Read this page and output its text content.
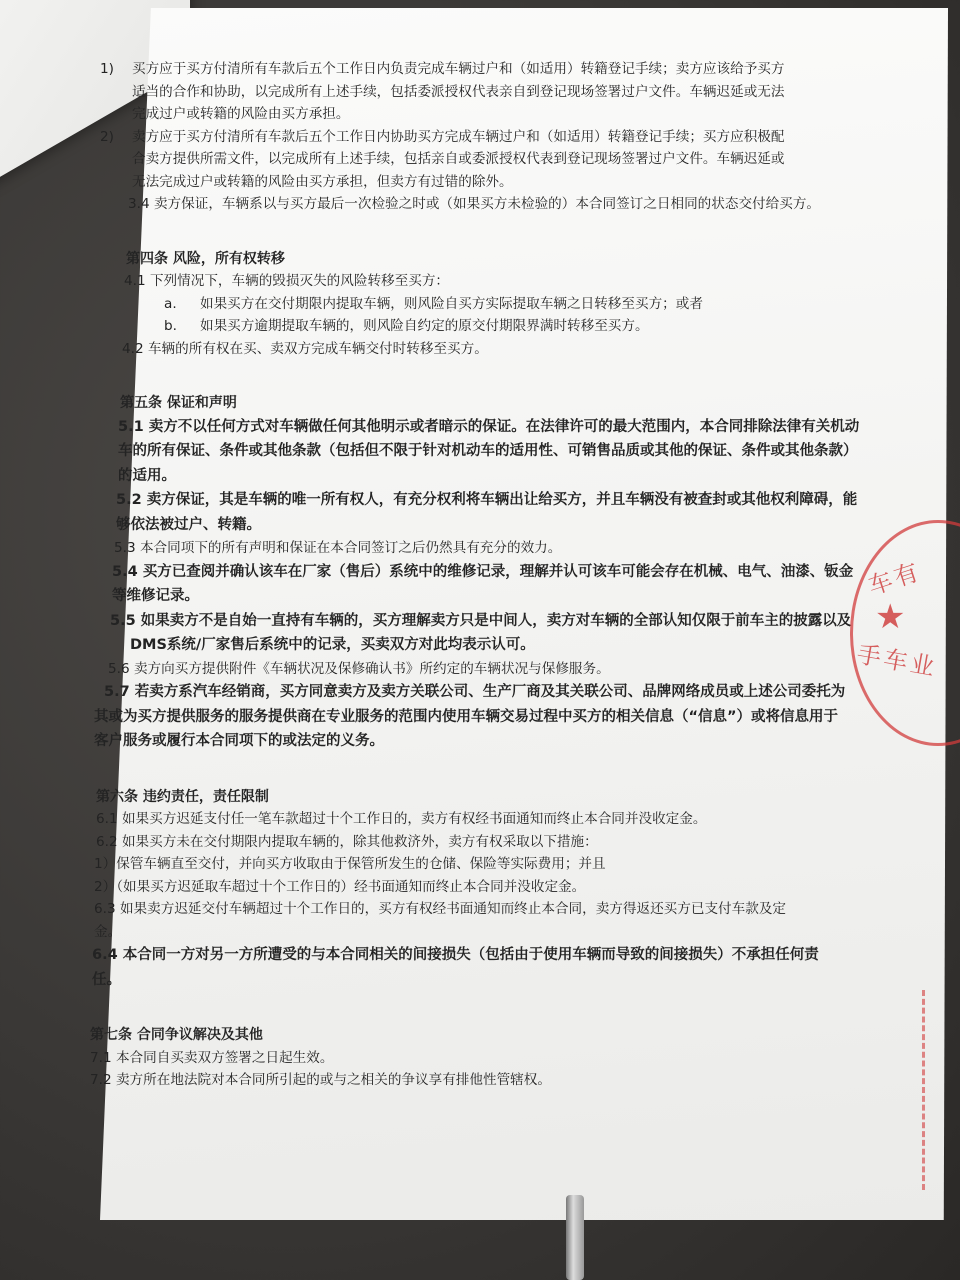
1) 买方应于买方付清所有车款后五个工作日内负责完成车辆过户和（如适用）转籍登记手续；卖方应该给予买方
适当的合作和协助，以完成所有上述手续，包括委派授权代表亲自到登记现场签署过户文件。车辆迟延或无法
完成过户或转籍的风险由买方承担。
2) 卖方应于买方付清所有车款后五个工作日内协助买方完成车辆过户和（如适用）转籍登记手续；买方应积极配
合卖方提供所需文件，以完成所有上述手续，包括亲自或委派授权代表到登记现场签署过户文件。车辆迟延或
无法完成过户或转籍的风险由买方承担，但卖方有过错的除外。
3.4 卖方保证，车辆系以与买方最后一次检验之时或（如果买方未检验的）本合同签订之日相同的状态交付给买方。
第四条 风险，所有权转移
4.1 下列情况下，车辆的毁损灭失的风险转移至买方：
a. 如果买方在交付期限内提取车辆，则风险自买方实际提取车辆之日转移至买方；或者
b. 如果买方逾期提取车辆的，则风险自约定的原交付期限界满时转移至买方。
4.2 车辆的所有权在买、卖双方完成车辆交付时转移至买方。
第五条 保证和声明
5.1 卖方不以任何方式对车辆做任何其他明示或者暗示的保证。在法律许可的最大范围内，本合同排除法律有关机动
车的所有保证、条件或其他条款（包括但不限于针对机动车的适用性、可销售品质或其他的保证、条件或其他条款）
的适用。
5.2 卖方保证，其是车辆的唯一所有权人，有充分权利将车辆出让给买方，并且车辆没有被查封或其他权利障碍，能
够依法被过户、转籍。
5.3 本合同项下的所有声明和保证在本合同签订之后仍然具有充分的效力。
5.4 买方已查阅并确认该车在厂家（售后）系统中的维修记录，理解并认可该车可能会存在机械、电气、油漆、钣金
等维修记录。
5.5 如果卖方不是自始一直持有车辆的，买方理解卖方只是中间人，卖方对车辆的全部认知仅限于前车主的披露以及
DMS系统/厂家售后系统中的记录，买卖双方对此均表示认可。
5.6 卖方向买方提供附件《车辆状况及保修确认书》所约定的车辆状况与保修服务。
5.7 若卖方系汽车经销商，买方同意卖方及卖方关联公司、生产厂商及其关联公司、品牌网络成员或上述公司委托为
其或为买方提供服务的服务提供商在专业服务的范围内使用车辆交易过程中买方的相关信息（“信息”）或将信息用于
客户服务或履行本合同项下的或法定的义务。
第六条 违约责任，责任限制
6.1 如果买方迟延支付任一笔车款超过十个工作日的，卖方有权经书面通知而终止本合同并没收定金。
6.2 如果买方未在交付期限内提取车辆的，除其他救济外，卖方有权采取以下措施：
1）保管车辆直至交付，并向买方收取由于保管所发生的仓储、保险等实际费用；并且
2）（如果买方迟延取车超过十个工作日的）经书面通知而终止本合同并没收定金。
6.3 如果卖方迟延交付车辆超过十个工作日的，买方有权经书面通知而终止本合同，卖方得返还买方已支付车款及定
金。
6.4 本合同一方对另一方所遭受的与本合同相关的间接损失（包括由于使用车辆而导致的间接损失）不承担任何责
任。
第七条 合同争议解决及其他
7.1 本合同自买卖双方签署之日起生效。
7.2 卖方所在地法院对本合同所引起的或与之相关的争议享有排他性管辖权。
车有
★
手车业
